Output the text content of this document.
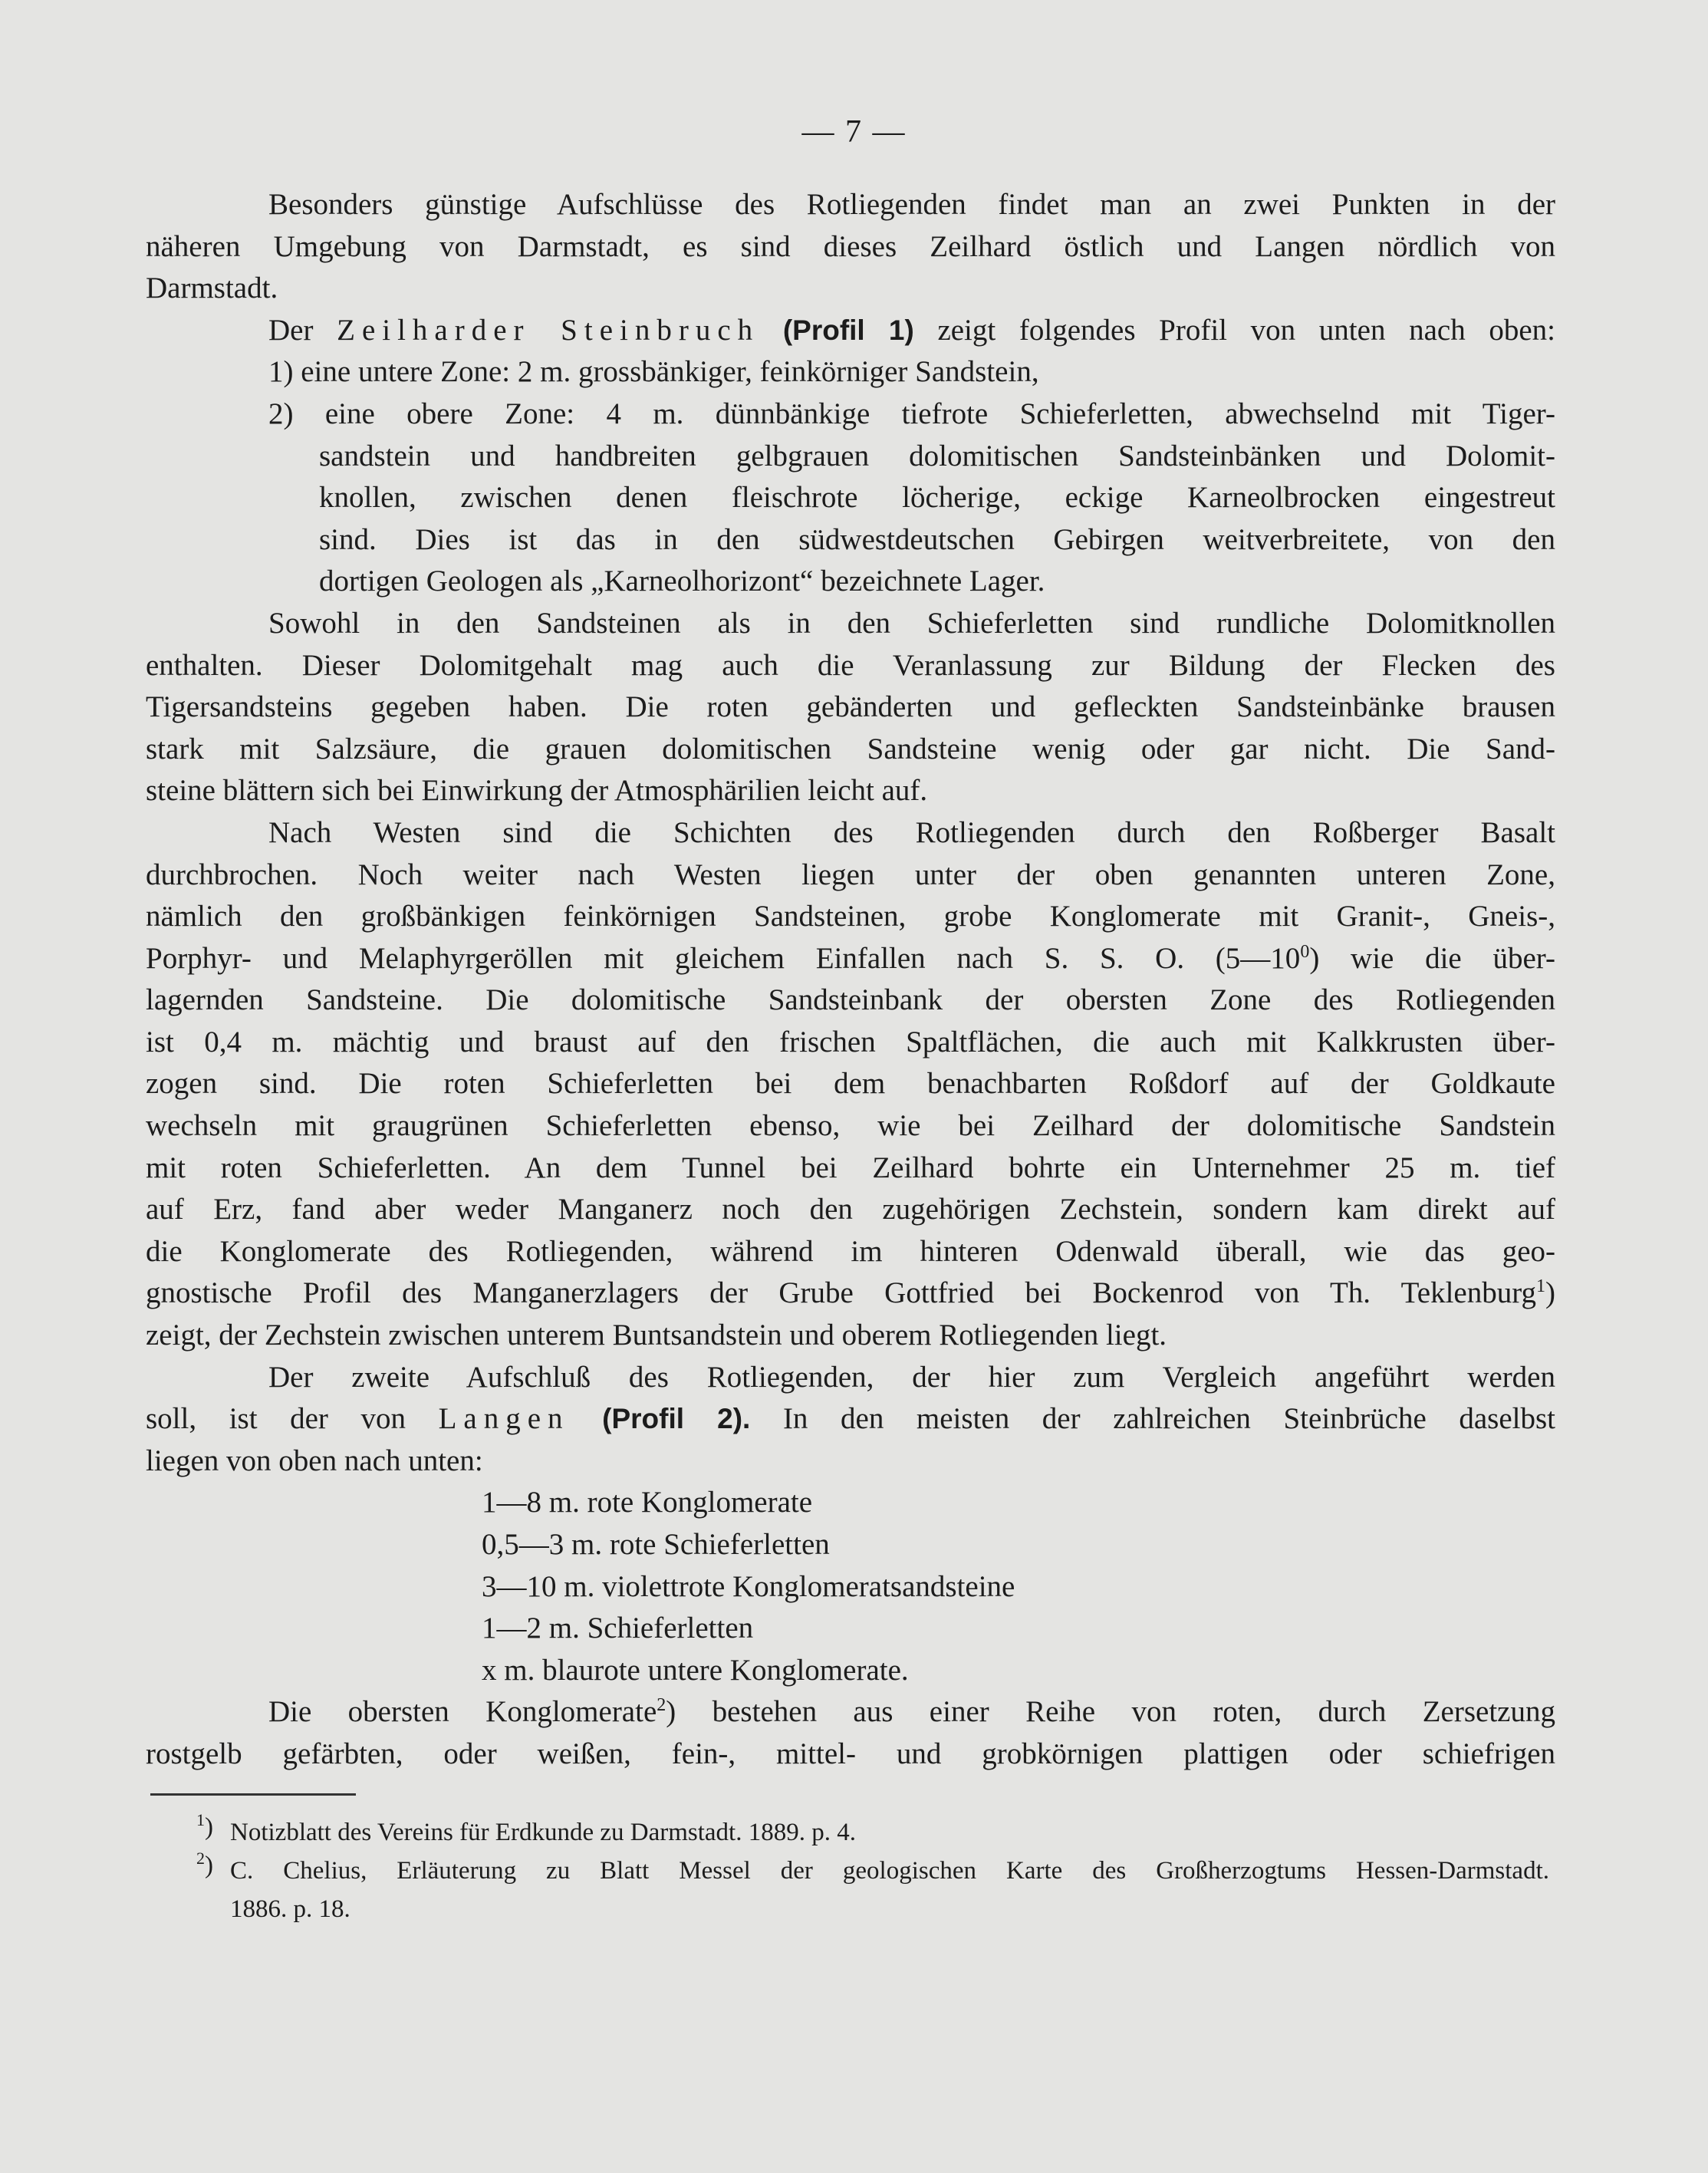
— 7 —
Besonders günstige Aufschlüsse des Rotliegenden findet man an zwei Punkten in der
näheren Umgebung von Darmstadt, es sind dieses Zeilhard östlich und Langen nördlich von
Darmstadt.
Der Zeilharder Steinbruch (Profil 1) zeigt folgendes Profil von unten nach oben:
1) eine untere Zone: 2 m. grossbänkiger, feinkörniger Sandstein,
2) eine obere Zone: 4 m. dünnbänkige tiefrote Schieferletten, abwechselnd mit Tiger-
sandstein und handbreiten gelbgrauen dolomitischen Sandsteinbänken und Dolomit-
knollen, zwischen denen fleischrote löcherige, eckige Karneolbrocken eingestreut
sind. Dies ist das in den südwestdeutschen Gebirgen weitverbreitete, von den
dortigen Geologen als „Karneolhorizont“ bezeichnete Lager.
Sowohl in den Sandsteinen als in den Schieferletten sind rundliche Dolomitknollen
enthalten. Dieser Dolomitgehalt mag auch die Veranlassung zur Bildung der Flecken des
Tigersandsteins gegeben haben. Die roten gebänderten und gefleckten Sandsteinbänke brausen
stark mit Salzsäure, die grauen dolomitischen Sandsteine wenig oder gar nicht. Die Sand-
steine blättern sich bei Einwirkung der Atmosphärilien leicht auf.
Nach Westen sind die Schichten des Rotliegenden durch den Roßberger Basalt
durchbrochen. Noch weiter nach Westen liegen unter der oben genannten unteren Zone,
nämlich den großbänkigen feinkörnigen Sandsteinen, grobe Konglomerate mit Granit-, Gneis-,
Porphyr- und Melaphyrgeröllen mit gleichem Einfallen nach S. S. O. $(5—10^0)$ wie die über-
lagernden Sandsteine. Die dolomitische Sandsteinbank der obersten Zone des Rotliegenden
ist 0,4 m. mächtig und braust auf den frischen Spaltflächen, die auch mit Kalkkrusten über-
zogen sind. Die roten Schieferletten bei dem benachbarten Roßdorf auf der Goldkaute
wechseln mit graugrünen Schieferletten ebenso, wie bei Zeilhard der dolomitische Sandstein
mit roten Schieferletten. An dem Tunnel bei Zeilhard bohrte ein Unternehmer 25 m. tief
auf Erz, fand aber weder Manganerz noch den zugehörigen Zechstein, sondern kam direkt auf
die Konglomerate des Rotliegenden, während im hinteren Odenwald überall, wie das geo-
gnostische Profil des Manganerzlagers der Grube Gottfried bei Bockenrod von Th. Teklenburg$^1$)
zeigt, der Zechstein zwischen unterem Buntsandstein und oberem Rotliegenden liegt.
Der zweite Aufschluß des Rotliegenden, der hier zum Vergleich angeführt werden
soll, ist der von Langen (Profil 2). In den meisten der zahlreichen Steinbrüche daselbst
liegen von oben nach unten:
1—8 m. rote Konglomerate
0,5—3 m. rote Schieferletten
3—10 m. violettrote Konglomeratsandsteine
1—2 m. Schieferletten
x m. blaurote untere Konglomerate.
Die obersten Konglomerate$^2$) bestehen aus einer Reihe von roten, durch Zersetzung
rostgelb gefärbten, oder weißen, fein-, mittel- und grobkörnigen plattigen oder schiefrigen
$^1$) Notizblatt des Vereins für Erdkunde zu Darmstadt. 1889. p. 4.
$^2$) C. Chelius, Erläuterung zu Blatt Messel der geologischen Karte des Großherzogtums Hessen-Darmstadt.
1886. p. 18.
